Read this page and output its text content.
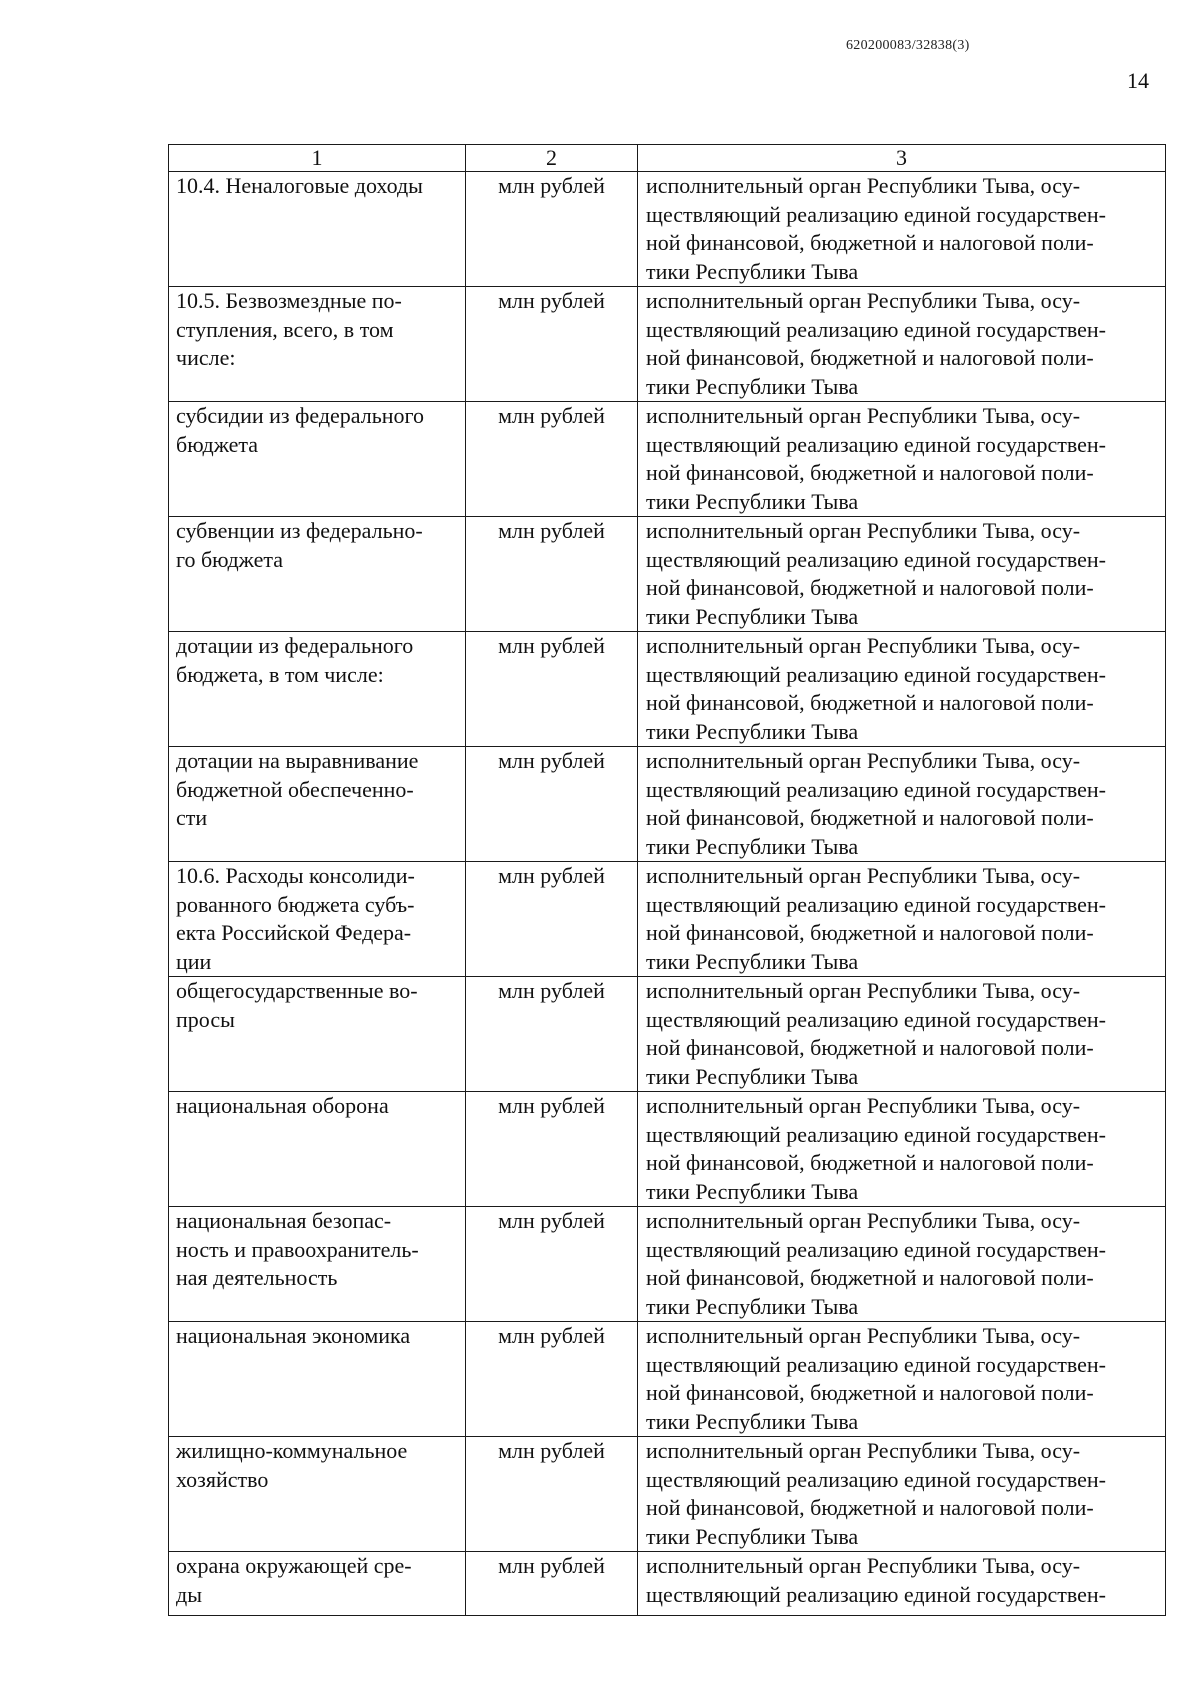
620200083/32838(3)
14
1	2	3

10.4. Неналоговые доходы	млн рублей	исполнительный орган Республики Тыва, осу-
ществляющий реализацию единой государствен-
ной финансовой, бюджетной и налоговой поли-
тики Республики Тыва

10.5. Безвозмездные по-
ступления, всего, в том
числе:	млн рублей	исполнительный орган Республики Тыва, осу-
ществляющий реализацию единой государствен-
ной финансовой, бюджетной и налоговой поли-
тики Республики Тыва

субсидии из федерального
бюджета	млн рублей	исполнительный орган Республики Тыва, осу-
ществляющий реализацию единой государствен-
ной финансовой, бюджетной и налоговой поли-
тики Республики Тыва

субвенции из федерально-
го бюджета	млн рублей	исполнительный орган Республики Тыва, осу-
ществляющий реализацию единой государствен-
ной финансовой, бюджетной и налоговой поли-
тики Республики Тыва

дотации из федерального
бюджета, в том числе:	млн рублей	исполнительный орган Республики Тыва, осу-
ществляющий реализацию единой государствен-
ной финансовой, бюджетной и налоговой поли-
тики Республики Тыва

дотации на выравнивание
бюджетной обеспеченно-
сти	млн рублей	исполнительный орган Республики Тыва, осу-
ществляющий реализацию единой государствен-
ной финансовой, бюджетной и налоговой поли-
тики Республики Тыва

10.6. Расходы консолиди-
рованного бюджета субъ-
екта Российской Федера-
ции	млн рублей	исполнительный орган Республики Тыва, осу-
ществляющий реализацию единой государствен-
ной финансовой, бюджетной и налоговой поли-
тики Республики Тыва

общегосударственные во-
просы	млн рублей	исполнительный орган Республики Тыва, осу-
ществляющий реализацию единой государствен-
ной финансовой, бюджетной и налоговой поли-
тики Республики Тыва

национальная оборона	млн рублей	исполнительный орган Республики Тыва, осу-
ществляющий реализацию единой государствен-
ной финансовой, бюджетной и налоговой поли-
тики Республики Тыва

национальная безопас-
ность и правоохранитель-
ная деятельность	млн рублей	исполнительный орган Республики Тыва, осу-
ществляющий реализацию единой государствен-
ной финансовой, бюджетной и налоговой поли-
тики Республики Тыва

национальная экономика	млн рублей	исполнительный орган Республики Тыва, осу-
ществляющий реализацию единой государствен-
ной финансовой, бюджетной и налоговой поли-
тики Республики Тыва

жилищно-коммунальное
хозяйство	млн рублей	исполнительный орган Республики Тыва, осу-
ществляющий реализацию единой государствен-
ной финансовой, бюджетной и налоговой поли-
тики Республики Тыва

охрана окружающей сре-
ды	млн рублей	исполнительный орган Республики Тыва, осу-
ществляющий реализацию единой государствен-
